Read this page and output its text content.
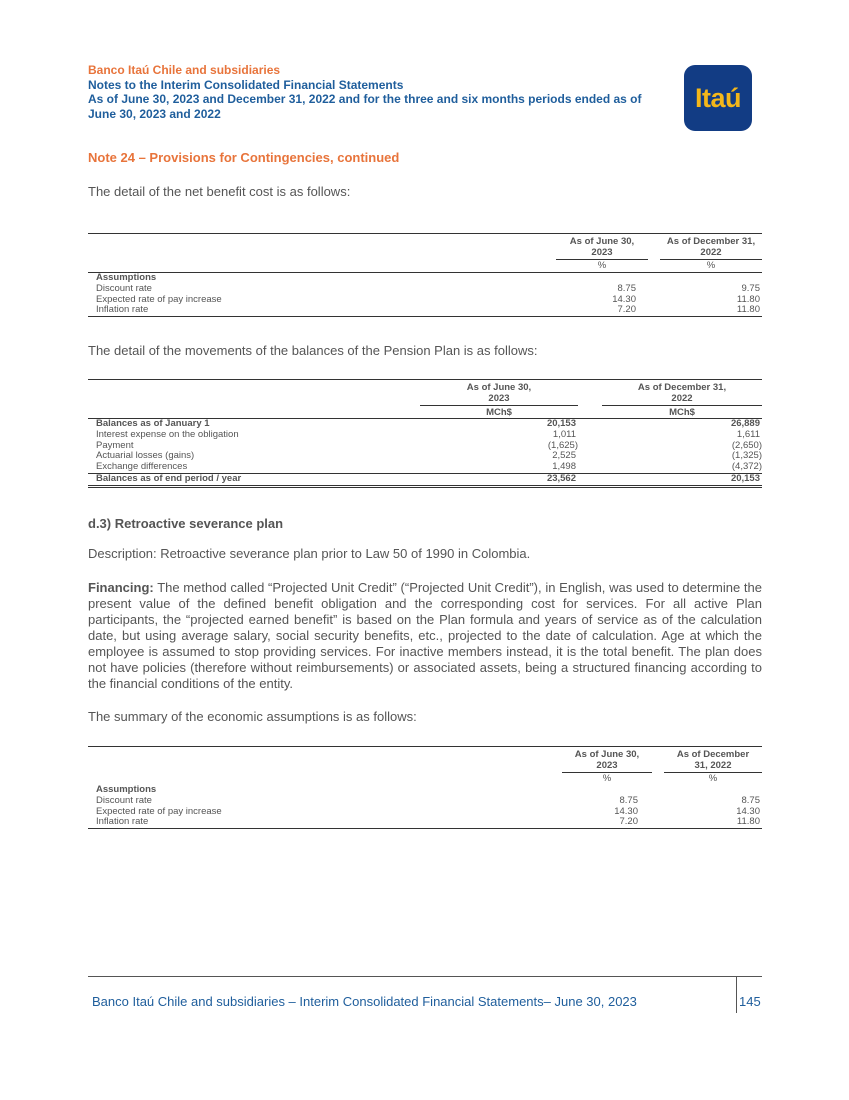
Banco Itaú Chile and subsidiaries
Notes to the Interim Consolidated Financial Statements
As of June 30, 2023 and December 31, 2022 and for the three and six months periods ended as of
June 30, 2023 and 2022
Itaú
Note 24 – Provisions for Contingencies, continued
The detail of the net benefit cost is as follows:
As of June 30,
2023
As of December 31,
2022
%	%
Assumptions
Discount rate	8.75	9.75
Expected rate of pay increase	14.30	11.80
Inflation rate	7.20	11.80
The detail of the movements of the balances of the Pension Plan is as follows:
As of June 30,
2023
As of December 31,
2022
MCh$	MCh$
Balances as of January 1	20,153	26,889
Interest expense on the obligation	1,011	1,611
Payment	(1,625)	(2,650)
Actuarial losses (gains)	2,525	(1,325)
Exchange differences	1,498	(4,372)
Balances as of end period / year	23,562	20,153
d.3) Retroactive severance plan
Description: Retroactive severance plan prior to Law 50 of 1990 in Colombia.
Financing: The method called “Projected Unit Credit” (“Projected Unit Credit”), in English, was used to determine the present value of the defined benefit obligation and the corresponding cost for services. For all active Plan participants, the “projected earned benefit” is based on the Plan formula and years of service as of the calculation date, but using average salary, social security benefits, etc., projected to the date of calculation. Age at which the employee is assumed to stop providing services. For inactive members instead, it is the total benefit. The plan does not have policies (therefore without reimbursements) or associated assets, being a structured financing according to the financial conditions of the entity.
The summary of the economic assumptions is as follows:
As of June 30,
2023
As of December
31, 2022
%	%
Assumptions
Discount rate	8.75	8.75
Expected rate of pay increase	14.30	14.30
Inflation rate	7.20	11.80
Banco Itaú Chile and subsidiaries – Interim Consolidated Financial Statements– June 30, 2023	145
